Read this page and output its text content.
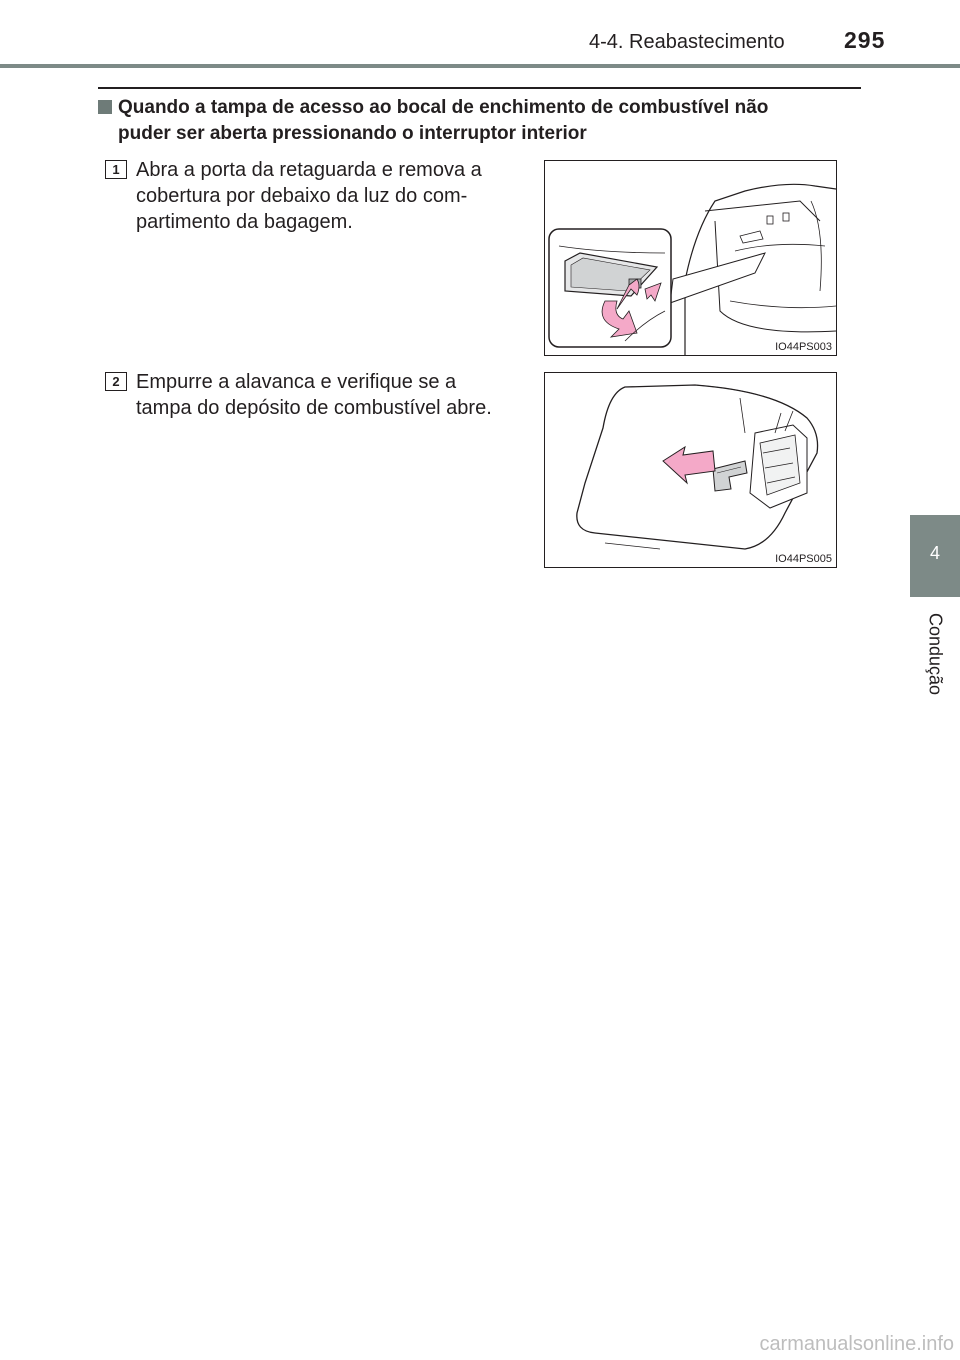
4-4. Reabastecimento	295
Quando a tampa de acesso ao bocal de enchimento de combustível não
puder ser aberta pressionando o interruptor interior
1 Abra a porta da retaguarda e remova a
cobertura por debaixo da luz do com-
partimento da bagagem.
IO44PS003
2 Empurre a alavanca e verifique se a
tampa do depósito de combustível abre.
IO44PS005	4
Condução
carmanualsonline.info
